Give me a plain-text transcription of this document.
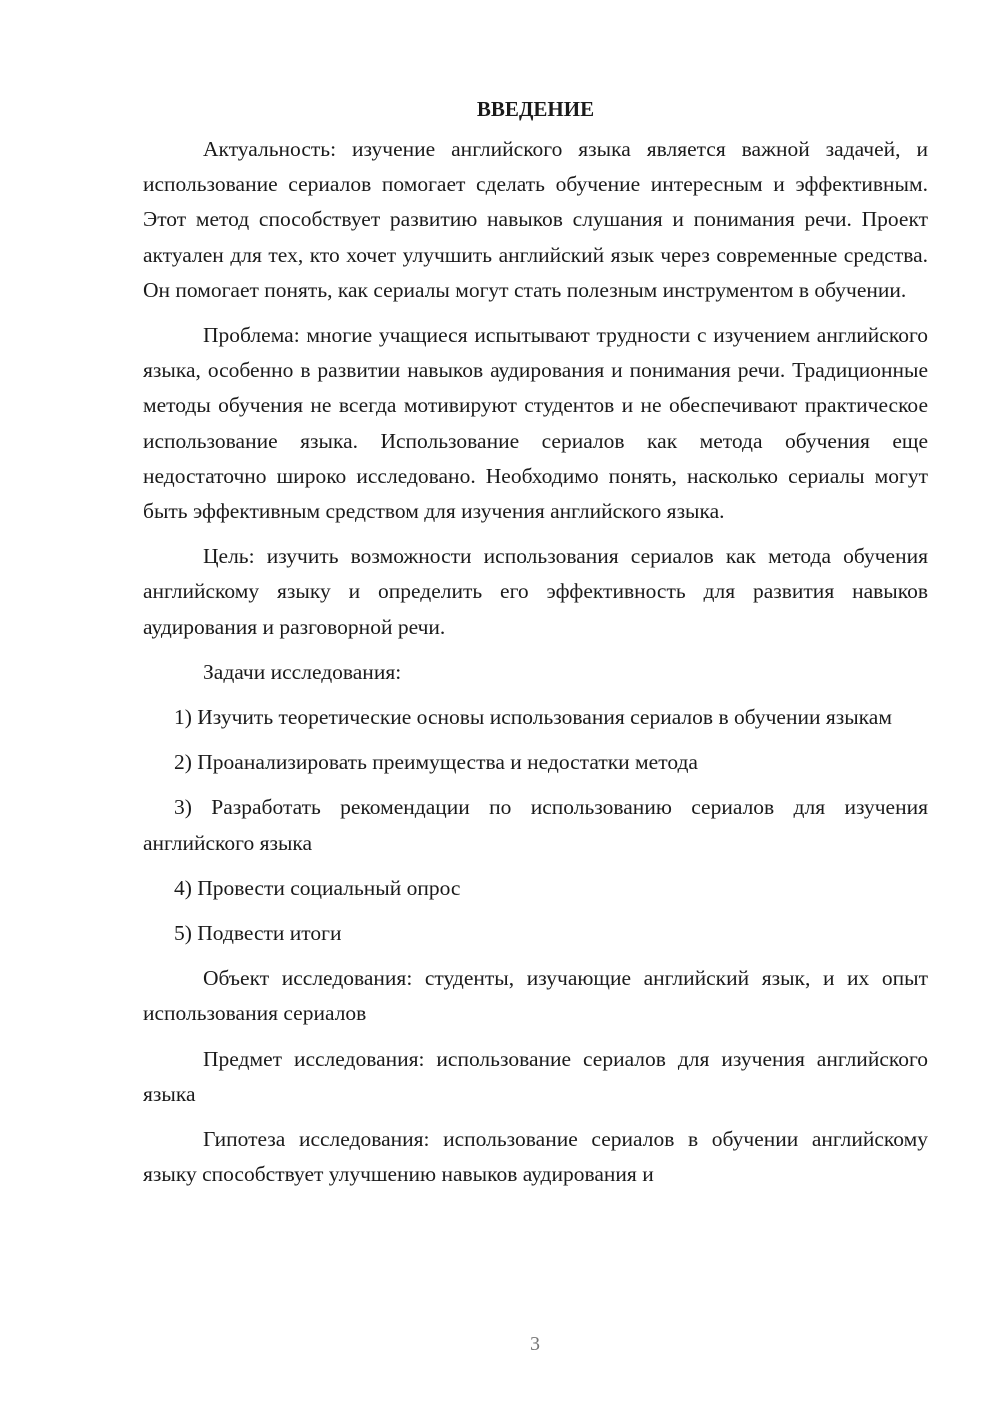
ВВЕДЕНИЕ

Актуальность: изучение английского языка является важной задачей, и использование сериалов помогает сделать обучение интересным и эффективным. Этот метод способствует развитию навыков слушания и понимания речи. Проект актуален для тех, кто хочет улучшить английский язык через современные средства. Он помогает понять, как сериалы могут стать полезным инструментом в обучении.

Проблема: многие учащиеся испытывают трудности с изучением английского языка, особенно в развитии навыков аудирования и понимания речи. Традиционные методы обучения не всегда мотивируют студентов и не обеспечивают практическое использование языка. Использование сериалов как метода обучения еще недостаточно широко исследовано. Необходимо понять, насколько сериалы могут быть эффективным средством для изучения английского языка.

Цель: изучить возможности использования сериалов как метода обучения английскому языку и определить его эффективность для развития навыков аудирования и разговорной речи.

Задачи исследования:

1) Изучить теоретические основы использования сериалов в обучении языкам

2) Проанализировать преимущества и недостатки метода

3) Разработать рекомендации по использованию сериалов для изучения английского языка

4) Провести социальный опрос

5) Подвести итоги

Объект исследования: студенты, изучающие английский язык, и их опыт использования сериалов

Предмет исследования: использование сериалов для изучения английского языка

Гипотеза исследования: использование сериалов в обучении английскому языку способствует улучшению навыков аудирования и

3
